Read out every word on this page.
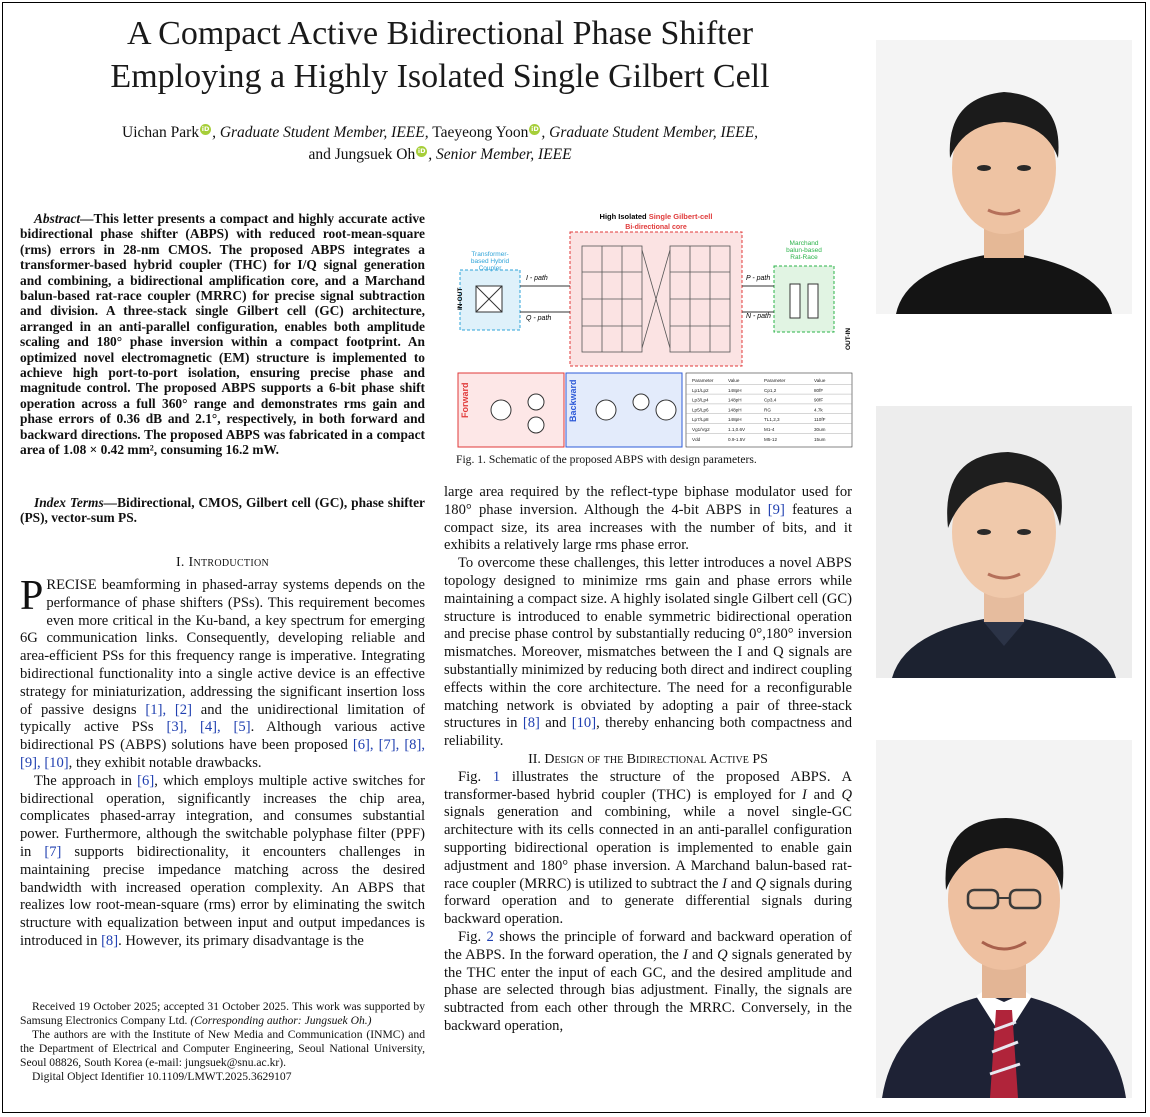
A Compact Active Bidirectional Phase Shifter
Employing a Highly Isolated Single Gilbert Cell
Uichan Park iD , Graduate Student Member, IEEE, Taeyeong Yoon iD , Graduate Student Member, IEEE,
and Jungsuek Oh iD , Senior Member, IEEE
Abstract—This letter presents a compact and highly accurate active bidirectional phase shifter (ABPS) with reduced root-mean-square (rms) errors in 28-nm CMOS. The proposed ABPS integrates a transformer-based hybrid coupler (THC) for I/Q signal generation and combining, a bidirectional amplification core, and a Marchand balun-based rat-race coupler (MRRC) for precise signal subtraction and division. A three-stack single Gilbert cell (GC) architecture, arranged in an anti-parallel configuration, enables both amplitude scaling and 180° phase inversion within a compact footprint. An optimized novel electromagnetic (EM) structure is implemented to achieve high port-to-port isolation, ensuring precise phase and magnitude control. The proposed ABPS supports a 6-bit phase shift operation across a full 360° range and demonstrates rms gain and phase errors of 0.36 dB and 2.1°, respectively, in both forward and backward directions. The proposed ABPS was fabricated in a compact area of 1.08 × 0.42 mm², consuming 16.2 mW.
Index Terms—Bidirectional, CMOS, Gilbert cell (GC), phase shifter (PS), vector-sum PS.
I. Introduction

PRECISE beamforming in phased-array systems depends on the performance of phase shifters (PSs). This requirement becomes even more critical in the Ku-band, a key spectrum for emerging 6G communication links. Consequently, developing reliable and area-efficient PSs for this frequency range is imperative. Integrating bidirectional functionality into a single active device is an effective strategy for miniaturization, addressing the significant insertion loss of passive designs [1], [2] and the unidirectional limitation of typically active PSs [3], [4], [5]. Although various active bidirectional PS (ABPS) solutions have been proposed [6], [7], [8], [9], [10], they exhibit notable drawbacks.

The approach in [6], which employs multiple active switches for bidirectional operation, significantly increases the chip area, complicates phased-array integration, and consumes substantial power. Furthermore, although the switchable polyphase filter (PPF) in [7] supports bidirectionality, it encounters challenges in maintaining precise impedance matching across the desired bandwidth with increased operation complexity. An ABPS that realizes low root-mean-square (rms) error by eliminating the switch structure with equalization between input and output impedances is introduced in [8]. However, its primary disadvantage is the

Received 19 October 2025; accepted 31 October 2025. This work was supported by Samsung Electronics Company Ltd. (Corresponding author: Jungsuek Oh.)

The authors are with the Institute of New Media and Communication (INMC) and the Department of Electrical and Computer Engineering, Seoul National University, Seoul 08826, South Korea (e-mail: jungsuek@snu.ac.kr).

Digital Object Identifier 10.1109/LMWT.2025.3629107

High Isolated Single Gilbert-cell
Bi-directional core
Transformer-
based Hybrid
Coupler
IN-OUT
Marchand
balun-based
Rat-Race
OUT-IN
I - path
Q - path
P - path
N - path
Forward	Backward	Parameter	Value	Parameter	Value
Lp1/Lp2	148pH	Cp1,2	80fF
Lp3/Lp4	148pH	Cp3,4	90fF
Lp5/Lp6	148pH	RG	4.7k
Lp7/Lp8	148pH	TL1,2,3	110fF
Vg1/Vg2	1.1,0.6V	M1-4	30um
Vdd	0.9-1.5V	M5-12	15um
Fig. 1. Schematic of the proposed ABPS with design parameters.

large area required by the reflect-type biphase modulator used for 180° phase inversion. Although the 4-bit ABPS in [9] features a compact size, its area increases with the number of bits, and it exhibits a relatively large rms phase error.

To overcome these challenges, this letter introduces a novel ABPS topology designed to minimize rms gain and phase errors while maintaining a compact size. A highly isolated single Gilbert cell (GC) structure is introduced to enable symmetric bidirectional operation and precise phase control by substantially reducing 0°,180° inversion mismatches. Moreover, mismatches between the I and Q signals are substantially minimized by reducing both direct and indirect coupling effects within the core architecture. The need for a reconfigurable matching network is obviated by adopting a pair of three-stack structures in [8] and [10], thereby enhancing both compactness and reliability.

II. Design of the Bidirectional Active PS

Fig. 1 illustrates the structure of the proposed ABPS. A transformer-based hybrid coupler (THC) is employed for I and Q signals generation and combining, while a novel single-GC architecture with its cells connected in an anti-parallel configuration supporting bidirectional operation is implemented to enable gain adjustment and 180° phase inversion. A Marchand balun-based rat-race coupler (MRRC) is utilized to subtract the I and Q signals during forward operation and to generate differential signals during backward operation.

Fig. 2 shows the principle of forward and backward operation of the ABPS. In the forward operation, the I and Q signals generated by the THC enter the input of each GC, and the desired amplitude and phase are selected through bias adjustment. Finally, the signals are subtracted from each other through the MRRC. Conversely, in the backward operation,
